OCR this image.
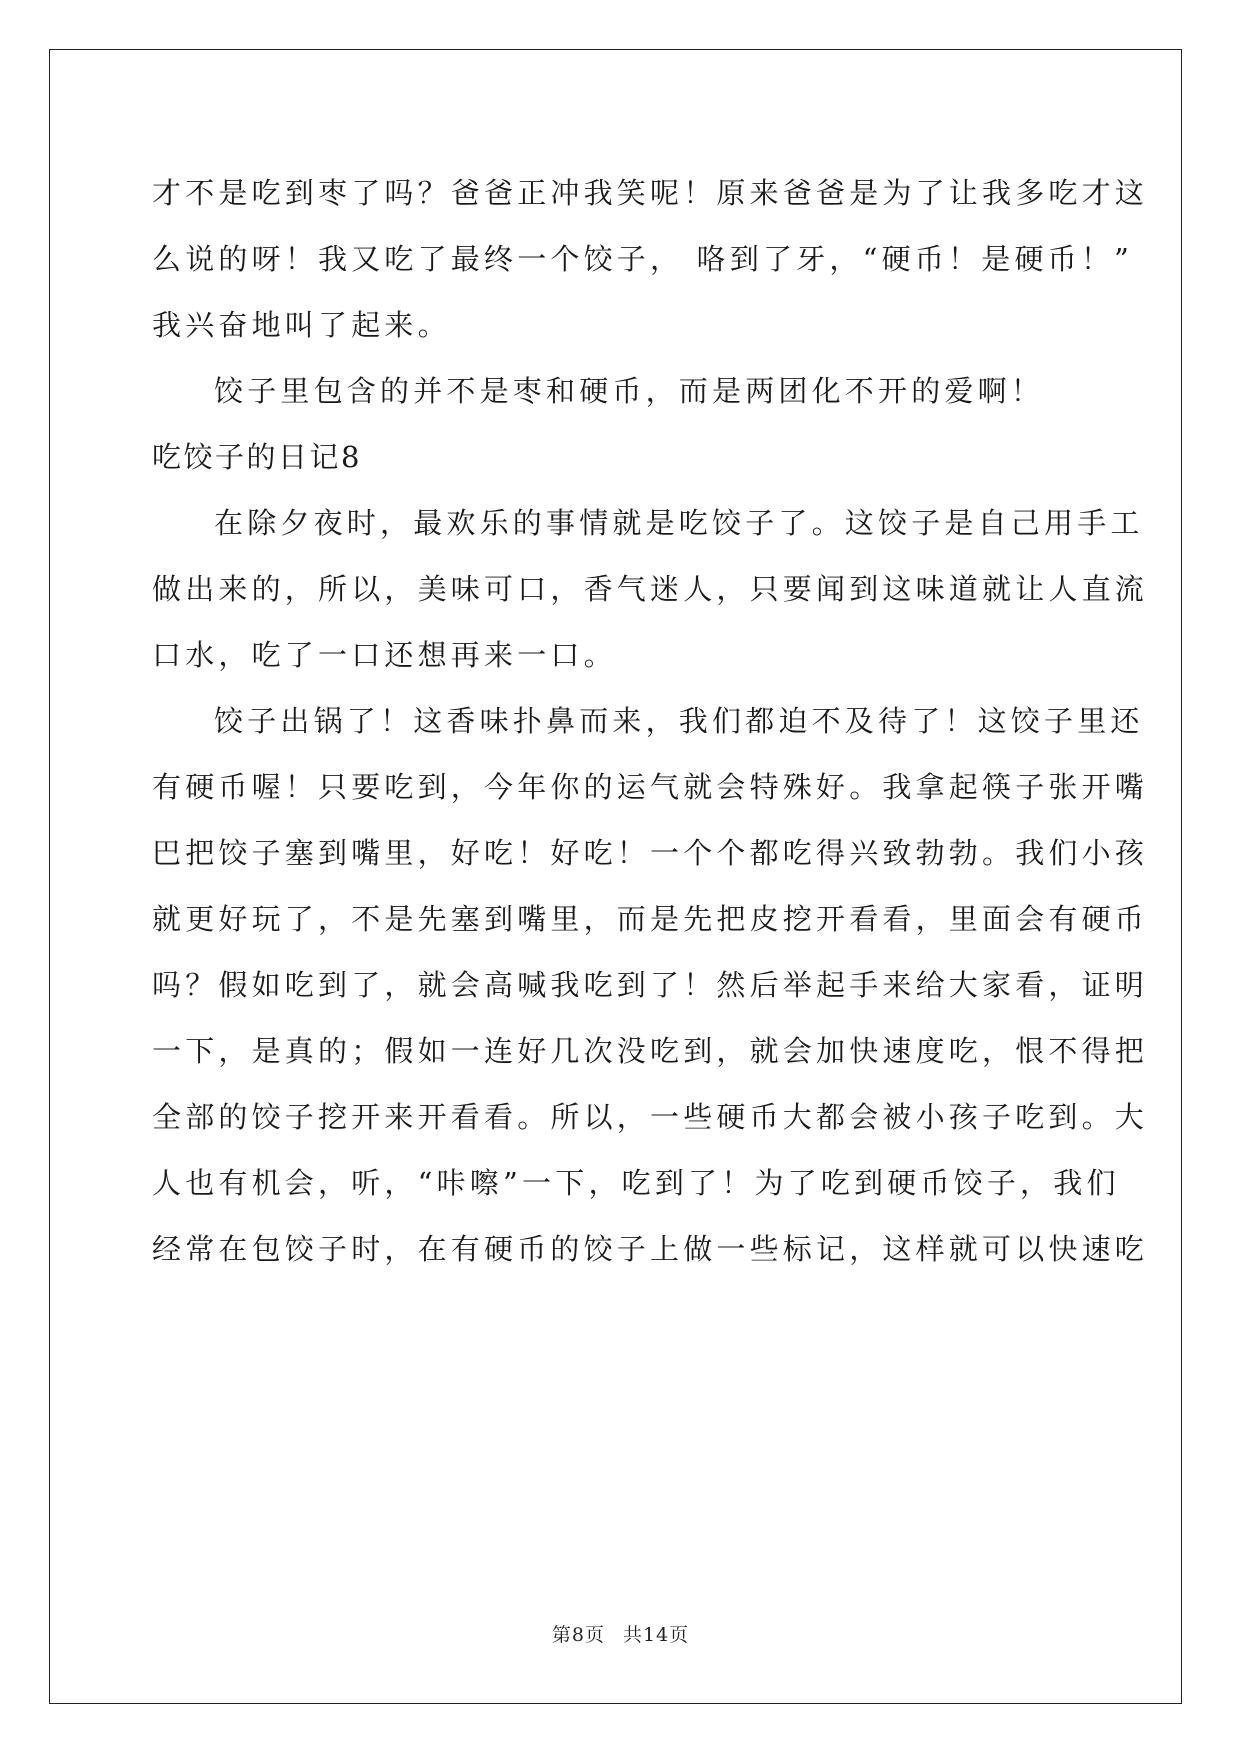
才不是吃到枣了吗？爸爸正冲我笑呢！原来爸爸是为了让我多吃才这

么说的呀！我又吃了最终一个饺子， 咯到了牙，“硬币！是硬币！”

我兴奋地叫了起来。

饺子里包含的并不是枣和硬币，而是两团化不开的爱啊！

吃饺子的日记8

在除夕夜时，最欢乐的事情就是吃饺子了。这饺子是自己用手工

做出来的，所以，美味可口，香气迷人，只要闻到这味道就让人直流

口水，吃了一口还想再来一口。

饺子出锅了！这香味扑鼻而来，我们都迫不及待了！这饺子里还

有硬币喔！只要吃到，今年你的运气就会特殊好。我拿起筷子张开嘴

巴把饺子塞到嘴里，好吃！好吃！一个个都吃得兴致勃勃。我们小孩

就更好玩了，不是先塞到嘴里，而是先把皮挖开看看，里面会有硬币

吗？假如吃到了，就会高喊我吃到了！然后举起手来给大家看，证明

一下，是真的；假如一连好几次没吃到，就会加快速度吃，恨不得把

全部的饺子挖开来开看看。所以，一些硬币大都会被小孩子吃到。大

人也有机会，听，“咔嚓”一下，吃到了！为了吃到硬币饺子，我们

经常在包饺子时，在有硬币的饺子上做一些标记，这样就可以快速吃

第8页 共14页
